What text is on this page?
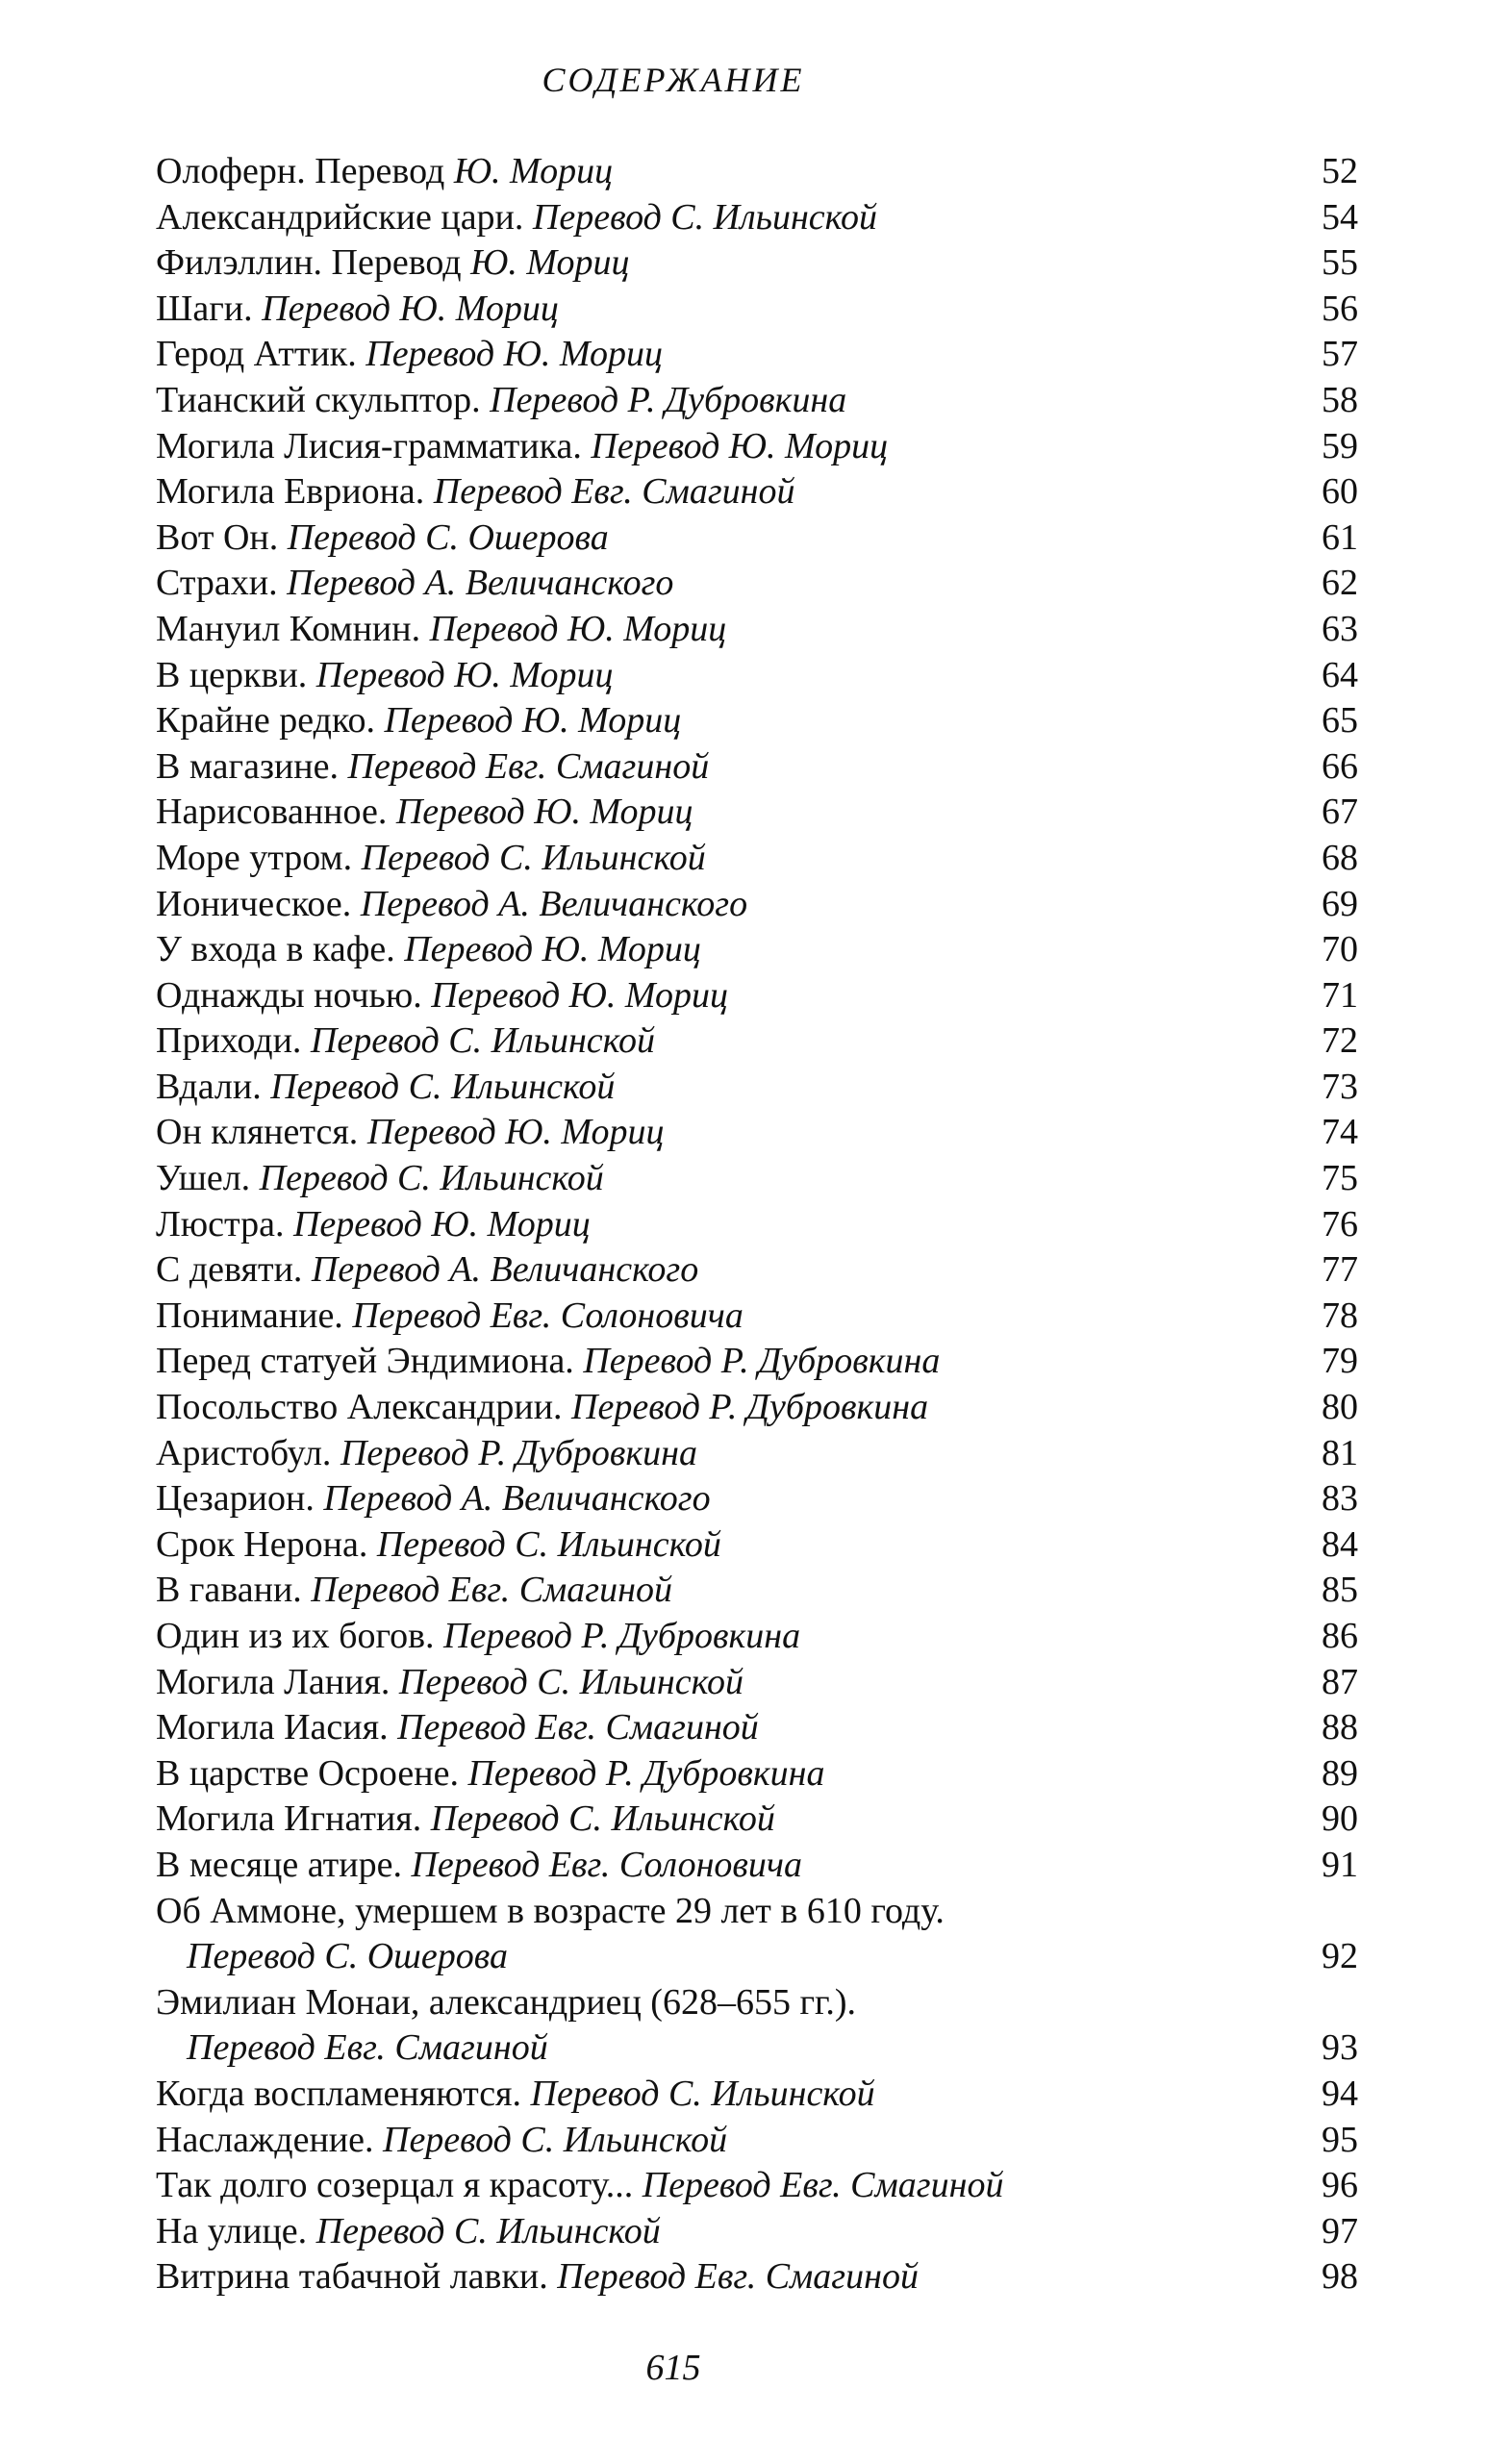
СОДЕРЖАНИЕ
Олоферн. Перевод Ю. Мориц	52
Александрийские цари. Перевод С. Ильинской	54
Филэллин. Перевод Ю. Мориц	55
Шаги. Перевод Ю. Мориц	56
Герод Аттик. Перевод Ю. Мориц	57
Тианский скульптор. Перевод Р. Дубровкина	58
Могила Лисия-грамматика. Перевод Ю. Мориц	59
Могила Евриона. Перевод Евг. Смагиной	60
Вот Он. Перевод С. Ошерова	61
Страхи. Перевод А. Величанского	62
Мануил Комнин. Перевод Ю. Мориц	63
В церкви. Перевод Ю. Мориц	64
Крайне редко. Перевод Ю. Мориц	65
В магазине. Перевод Евг. Смагиной	66
Нарисованное. Перевод Ю. Мориц	67
Море утром. Перевод С. Ильинской	68
Ионическое. Перевод А. Величанского	69
У входа в кафе. Перевод Ю. Мориц	70
Однажды ночью. Перевод Ю. Мориц	71
Приходи. Перевод С. Ильинской	72
Вдали. Перевод С. Ильинской	73
Он клянется. Перевод Ю. Мориц	74
Ушел. Перевод С. Ильинской	75
Люстра. Перевод Ю. Мориц	76
С девяти. Перевод А. Величанского	77
Понимание. Перевод Евг. Солоновича	78
Перед статуей Эндимиона. Перевод Р. Дубровкина	79
Посольство Александрии. Перевод Р. Дубровкина	80
Аристобул. Перевод Р. Дубровкина	81
Цезарион. Перевод А. Величанского	83
Срок Нерона. Перевод С. Ильинской	84
В гавани. Перевод Евг. Смагиной	85
Один из их богов. Перевод Р. Дубровкина	86
Могила Лания. Перевод С. Ильинской	87
Могила Иасия. Перевод Евг. Смагиной	88
В царстве Осроене. Перевод Р. Дубровкина	89
Могила Игнатия. Перевод С. Ильинской	90
В месяце атире. Перевод Евг. Солоновича	91
Об Аммоне, умершем в возрасте 29 лет в 610 году.
Перевод С. Ошерова	92
Эмилиан Монаи, александриец (628–655 гг.).
Перевод Евг. Смагиной	93
Когда воспламеняются. Перевод С. Ильинской	94
Наслаждение. Перевод С. Ильинской	95
Так долго созерцал я красоту... Перевод Евг. Смагиной	96
На улице. Перевод С. Ильинской	97
Витрина табачной лавки. Перевод Евг. Смагиной	98
615
